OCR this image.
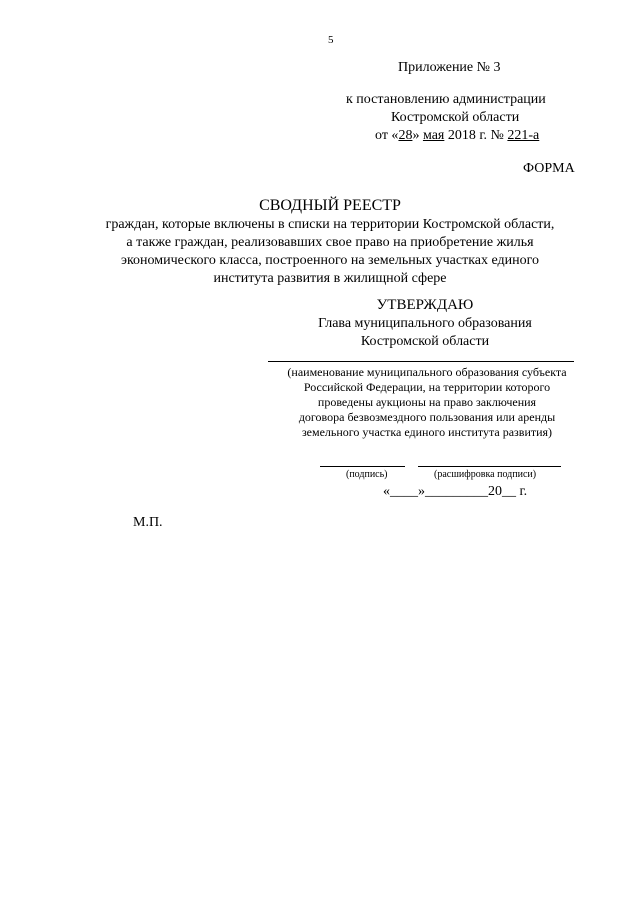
5
Приложение № 3
к постановлению администрации
Костромской области
от «28» мая 2018 г. № 221-а
ФОРМА
СВОДНЫЙ РЕЕСТР
граждан, которые включены в списки на территории Костромской области,
а также граждан, реализовавших свое право на приобретение жилья
экономического класса, построенного на земельных участках единого
института развития в жилищной сфере
УТВЕРЖДАЮ
Глава муниципального образования
Костромской области
(наименование муниципального образования субъекта
Российской Федерации, на территории которого
проведены аукционы на право заключения
договора безвозмездного пользования или аренды
земельного участка единого института развития)
(подпись)	(расшифровка подписи)
«____»_________20__ г.
М.П.
